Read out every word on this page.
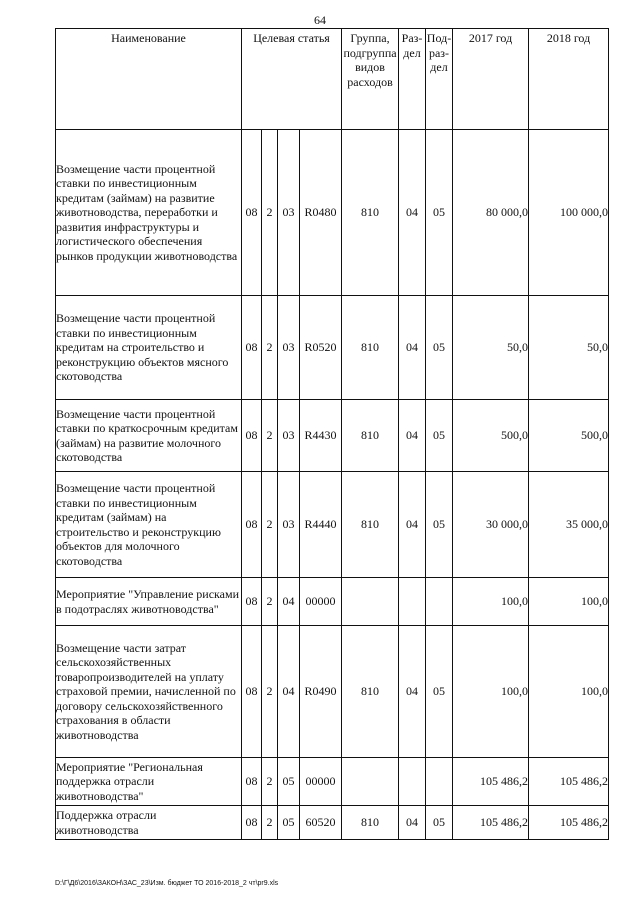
64
Наименование	Целевая статья				Группа, подгруппа видов расходов	Раз-дел	Под-раз-дел	2017 год	2018 год
Возмещение части процентной ставки по инвестиционным кредитам (займам) на развитие животноводства, переработки и развития инфраструктуры и логистического обеспечения рынков продукции животноводства	08	2	03	R0480	810	04	05	80 000,0	100 000,0
Возмещение части процентной ставки по инвестиционным кредитам на строительство и реконструкцию объектов мясного скотоводства	08	2	03	R0520	810	04	05	50,0	50,0
Возмещение части процентной ставки по краткосрочным кредитам (займам) на развитие молочного скотоводства	08	2	03	R4430	810	04	05	500,0	500,0
Возмещение части процентной ставки по инвестиционным кредитам (займам) на строительство и реконструкцию объектов для молочного скотоводства	08	2	03	R4440	810	04	05	30 000,0	35 000,0
Мероприятие "Управление рисками в подотраслях животноводства"	08	2	04	00000				100,0	100,0
Возмещение части затрат сельскохозяйственных товаропроизводителей на уплату страховой премии, начисленной по договору сельскохозяйственного страхования в области животноводства	08	2	04	R0490	810	04	05	100,0	100,0
Мероприятие "Региональная поддержка отрасли животноводства"	08	2	05	00000				105 486,2	105 486,2
Поддержка отрасли животноводства	08	2	05	60520	810	04	05	105 486,2	105 486,2
D:\Г\Д6\2016\ЗАКОН\ЗАС_23\Изм. бюджет ТО 2016-2018_2 чт\pr9.xls
